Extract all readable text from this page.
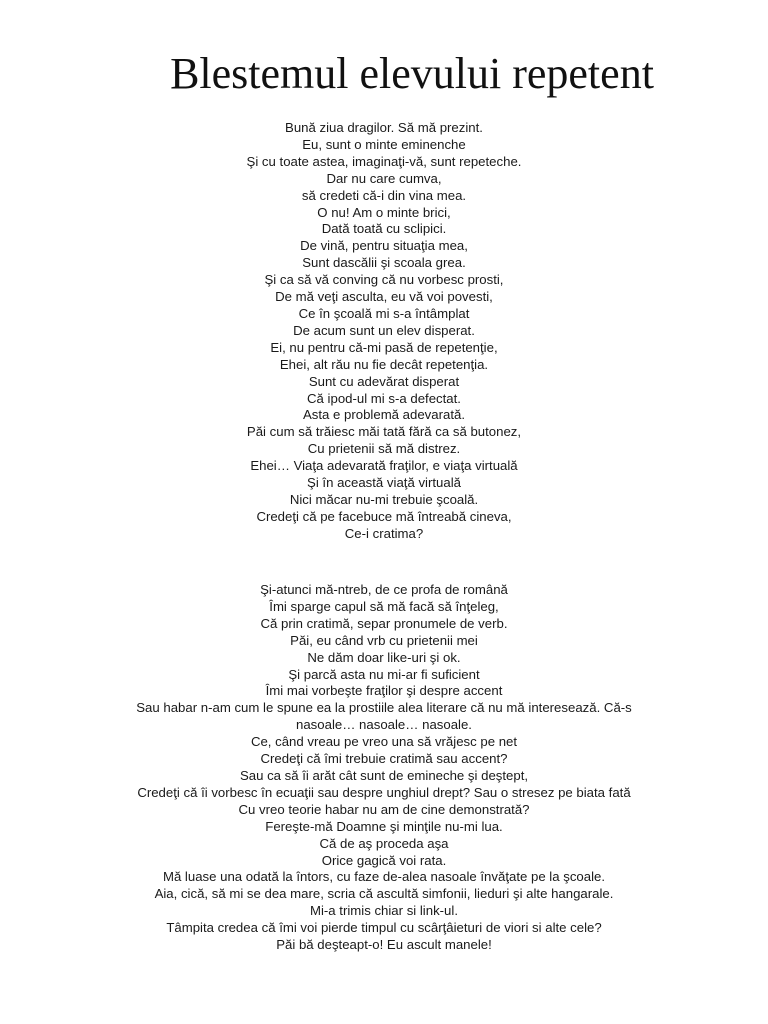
Blestemul elevului repetent
Bună ziua dragilor. Să mă prezint.
Eu, sunt o minte eminenche
Şi cu toate astea, imaginaţi-vă, sunt repeteche.
Dar nu care cumva,
să credeti că-i din vina mea.
O nu! Am o minte brici,
Dată toată cu sclipici.
De vină, pentru situaţia mea,
Sunt dascălii şi scoala grea.
Şi ca să vă conving că nu vorbesc prosti,
De mă veţi asculta, eu vă voi povesti,
Ce în şcoală mi s-a întâmplat
De acum sunt un elev disperat.
Ei, nu pentru că-mi pasă de repetenţie,
Ehei, alt rău nu fie decât repetenţia.
Sunt cu adevărat disperat
Că ipod-ul mi s-a defectat.
Asta e problemă adevarată.
Păi cum să trăiesc măi tată fără ca să butonez,
Cu prietenii să mă distrez.
Ehei… Viaţa adevarată fraţilor, e viaţa virtuală
Şi în această viaţă virtuală
Nici măcar nu-mi trebuie şcoală.
Credeţi că pe facebuce mă întreabă cineva,
Ce-i cratima?
Şi-atunci mă-ntreb, de ce profa de română
Îmi sparge capul să mă facă să înţeleg,
Că prin cratimă, separ pronumele de verb.
Păi, eu când vrb cu prietenii mei
Ne dăm doar like-uri şi ok.
Şi parcă asta nu mi-ar fi suficient
Îmi mai vorbeşte fraţilor şi despre accent
Sau habar n-am cum le spune ea la prostiile alea literare că nu mă interesează. Că-s
nasoale… nasoale… nasoale.
Ce, când vreau pe vreo una să vrăjesc pe net
Credeţi că îmi trebuie cratimă sau accent?
Sau ca să îi arăt cât sunt de emineche şi deştept,
Credeţi că îi vorbesc în ecuaţii sau despre unghiul drept? Sau o stresez pe biata fată
Cu vreo teorie habar nu am de cine demonstrată?
Fereşte-mă Doamne şi minţile nu-mi lua.
Că de aş proceda aşa
Orice gagică voi rata.
Mă luase una odată la întors, cu faze de-alea nasoale învăţate pe la şcoale.
Aia, cică, să mi se dea mare, scria că ascultă simfonii, lieduri şi alte hangarale.
Mi-a trimis chiar si link-ul.
Tâmpita credea că îmi voi pierde timpul cu scârţâieturi de viori si alte cele?
Păi bă deşteapt-o! Eu ascult manele!
